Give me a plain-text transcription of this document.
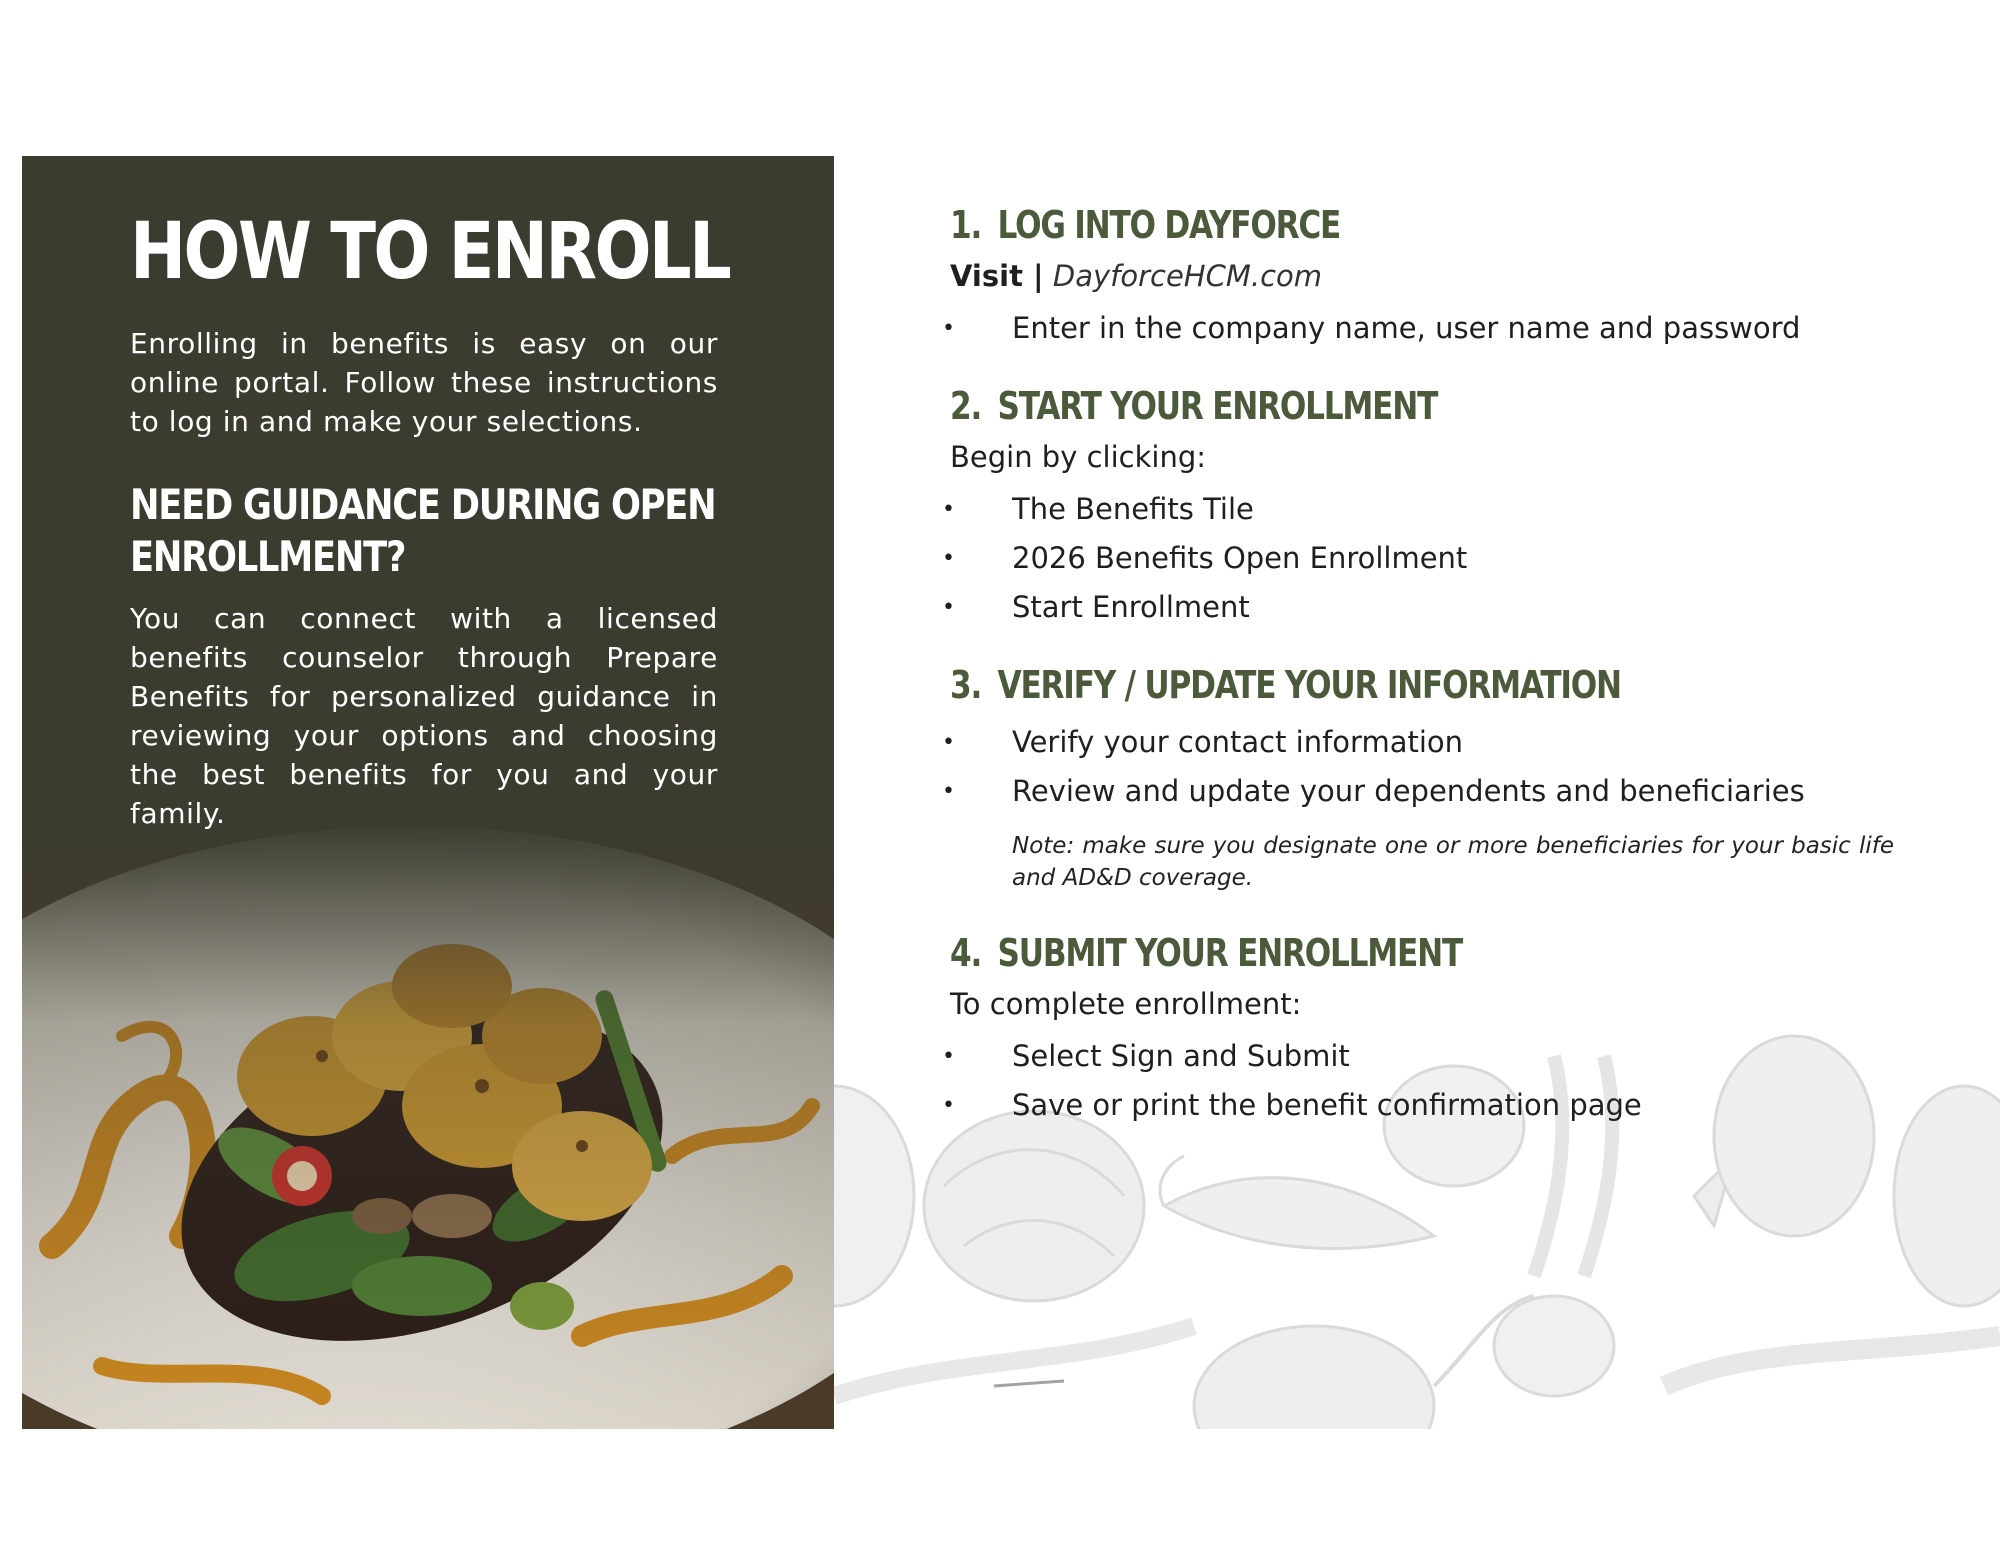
HOW TO ENROLL

Enrolling in benefits is easy on our online portal. Follow these instructions to log in and make your selections.

NEED GUIDANCE DURING OPEN ENROLLMENT?

You can connect with a licensed benefits counselor through Prepare Benefits for personalized guidance in reviewing your options and choosing the best benefits for you and your family.

1. LOG INTO DAYFORCE

Visit | DayforceHCM.com

• Enter in the company name, user name and password
2. START YOUR ENROLLMENT

Begin by clicking:

• The Benefits Tile
• 2026 Benefits Open Enrollment
• Start Enrollment
3. VERIFY / UPDATE YOUR INFORMATION
• Verify your contact information
• Review and update your dependents and beneficiaries

Note: make sure you designate one or more beneficiaries for your basic life and AD&D coverage.

4. SUBMIT YOUR ENROLLMENT

To complete enrollment:

• Select Sign and Submit
• Save or print the benefit confirmation page
